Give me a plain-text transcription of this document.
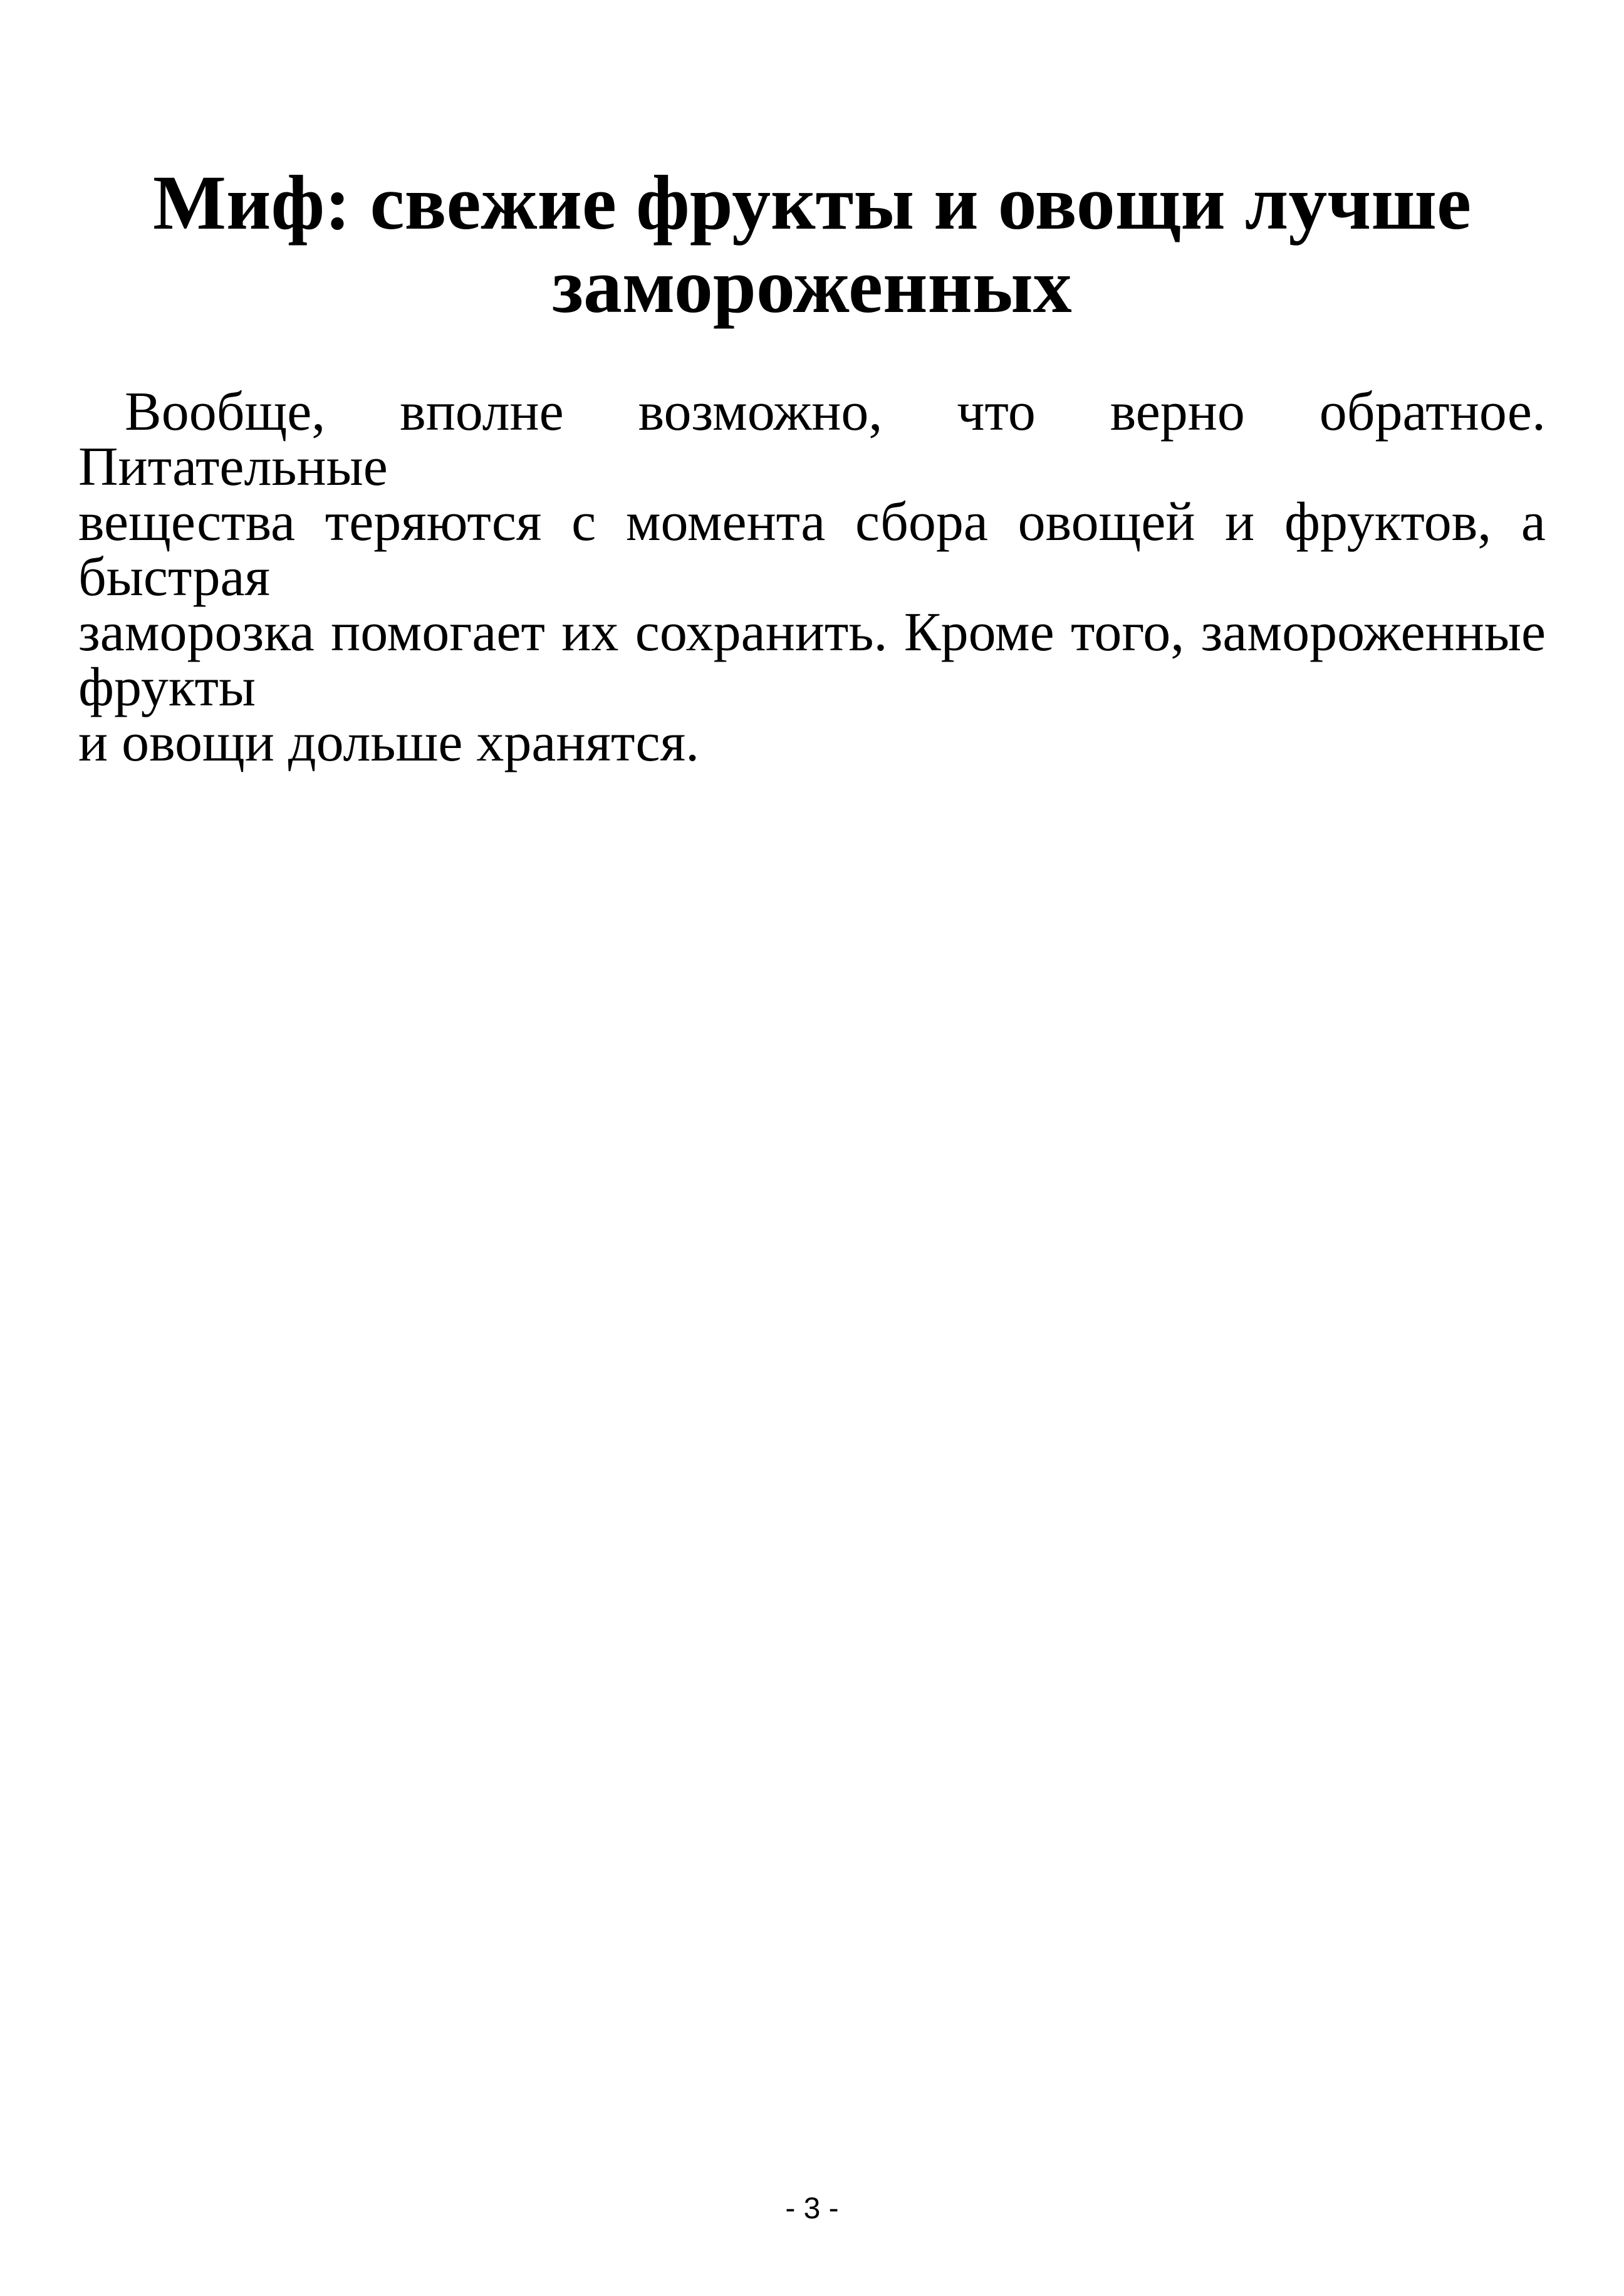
Миф: свежие фрукты и овощи лучше
замороженных
Вообще, вполне возможно, что верно обратное. Питательные
вещества теряются с момента сбора овощей и фруктов, а быстрая
заморозка помогает их сохранить. Кроме того, замороженные фрукты
и овощи дольше хранятся.
- 3 -
